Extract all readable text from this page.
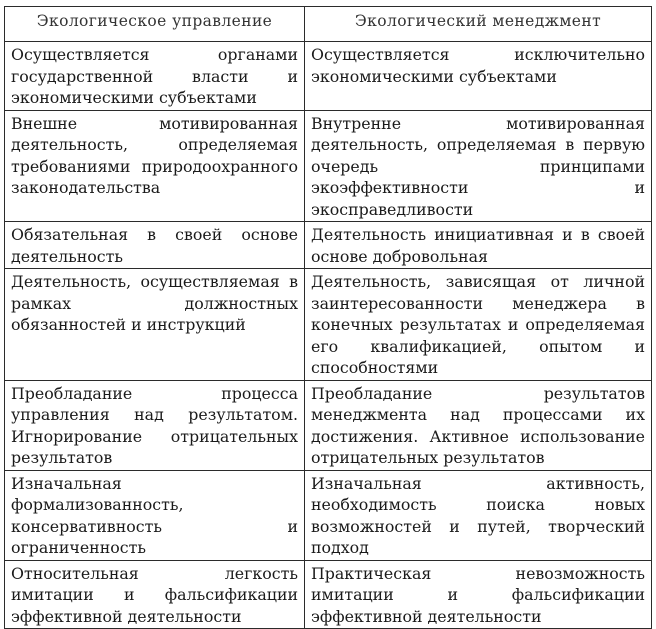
Экологическое управление	Экологический менеджмент
Осуществляется органами государственной власти и экономическими субъектами	Осуществляется исключительно экономическими субъектами
Внешне мотивированная деятельность, определяемая требованиями природоохранного законодательства	Внутренне мотивированная деятельность, определяемая в первую очередь принципами экоэффективности и экосправедливости
Обязательная в своей основе деятельность	Деятельность инициативная и в своей основе добровольная
Деятельность, осуществляемая в рамках должностных обязанностей и инструкций	Деятельность, зависящая от личной заинтересованности менеджера в конечных результатах и определяемая его квалификацией, опытом и способностями
Преобладание процесса управления над результатом. Игнорирование отрицательных результатов	Преобладание результатов менеджмента над процессами их достижения. Активное использование отрицательных результатов
Изначальная формализованность, консервативность и ограниченность	Изначальная активность, необходимость поиска новых возможностей и путей, творческий подход
Относительная легкость имитации и фальсификации эффективной деятельности	Практическая невозможность имитации и фальсификации эффективной деятельности
